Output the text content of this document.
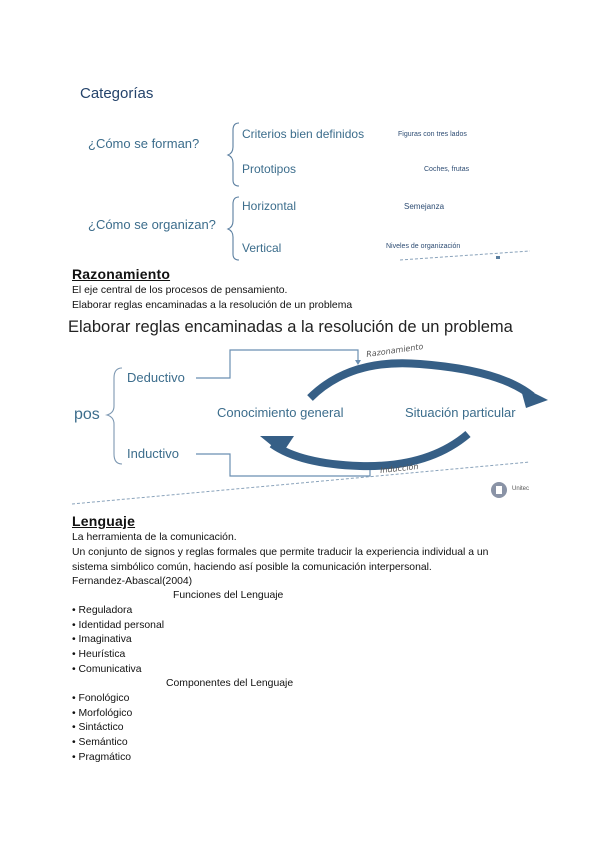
Categorías
¿Cómo se forman?
¿Cómo se organizan?
Criterios bien definidos
Prototipos
Horizontal
Vertical
Figuras con tres lados
Coches, frutas
Semejanza
Niveles de organización
Razonamiento
El eje central de los procesos de pensamiento.
Elaborar reglas encaminadas a la resolución de un problema
Elaborar reglas encaminadas a la resolución de un problema
pos
Deductivo
Inductivo
Conocimiento general	Situación particular
Razonamiento
Inducción
Unitec
Lenguaje
La herramienta de la comunicación.
Un conjunto de signos y reglas formales que permite traducir la experiencia individual a un
sistema simbólico común, haciendo así posible la comunicación interpersonal.
Fernandez-Abascal(2004)
Funciones del Lenguaje
• Reguladora
• Identidad personal
• Imaginativa
• Heurística
• Comunicativa
Componentes del Lenguaje
• Fonológico
• Morfológico
• Sintáctico
• Semántico
• Pragmático
